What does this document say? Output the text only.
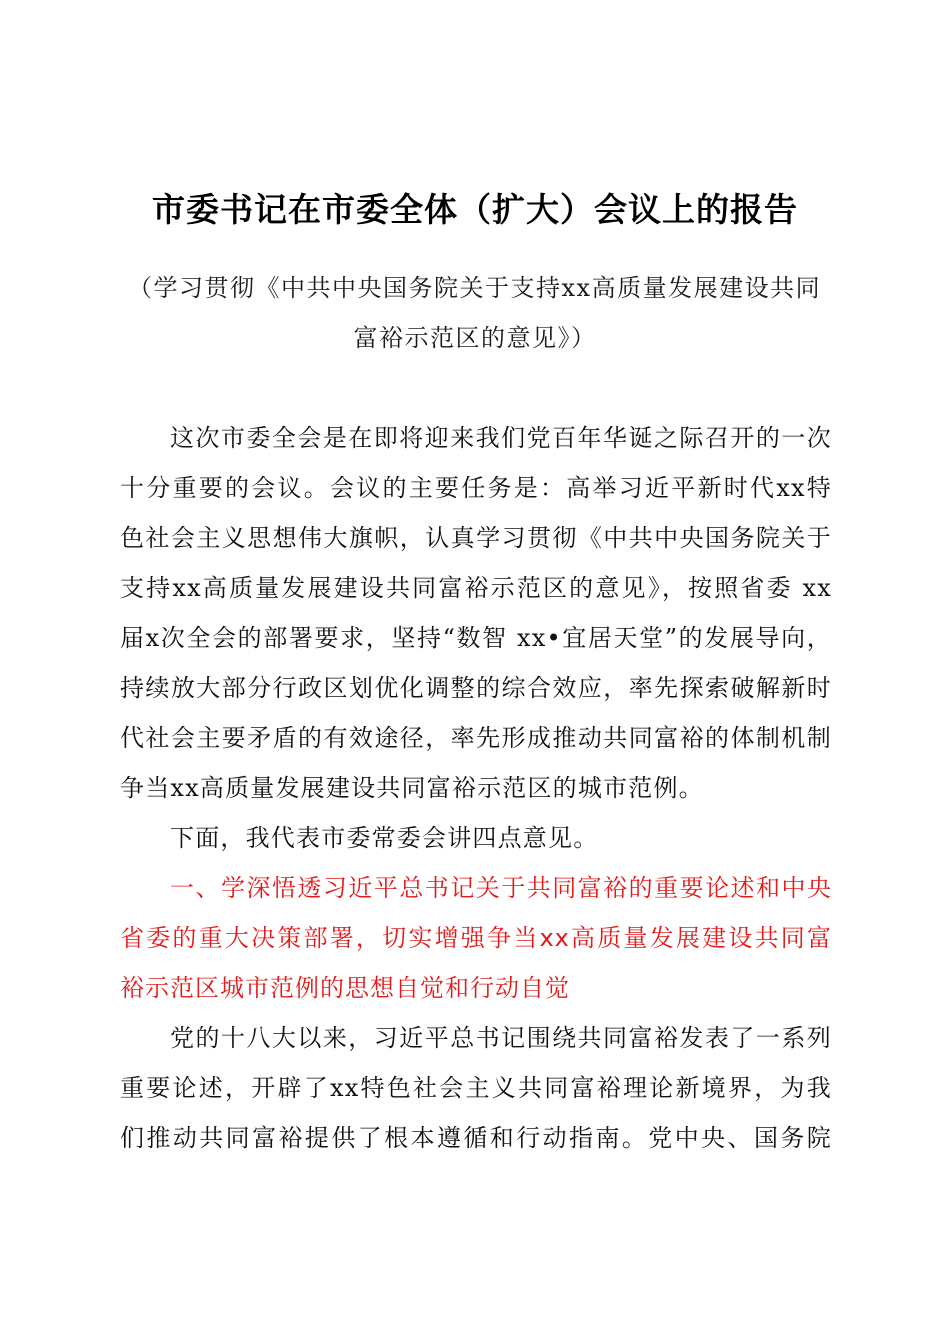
市委书记在市委全体（扩大）会议上的报告
（学习贯彻《中共中央国务院关于支持xx高质量发展建设共同
富裕示范区的意见》）
这次市委全会是在即将迎来我们党百年华诞之际召开的一次
十分重要的会议。会议的主要任务是：高举习近平新时代xx特
色社会主义思想伟大旗帜，认真学习贯彻《中共中央国务院关于
支持xx高质量发展建设共同富裕示范区的意见》，按照省委 xx
届x次全会的部署要求，坚持“数智 xx•宜居天堂”的发展导向，
持续放大部分行政区划优化调整的综合效应，率先探索破解新时
代社会主要矛盾的有效途径，率先形成推动共同富裕的体制机制
争当xx高质量发展建设共同富裕示范区的城市范例。
下面，我代表市委常委会讲四点意见。
一、学深悟透习近平总书记关于共同富裕的重要论述和中央
省委的重大决策部署，切实增强争当xx高质量发展建设共同富
裕示范区城市范例的思想自觉和行动自觉
党的十八大以来，习近平总书记围绕共同富裕发表了一系列
重要论述，开辟了xx特色社会主义共同富裕理论新境界，为我
们推动共同富裕提供了根本遵循和行动指南。党中央、国务院
